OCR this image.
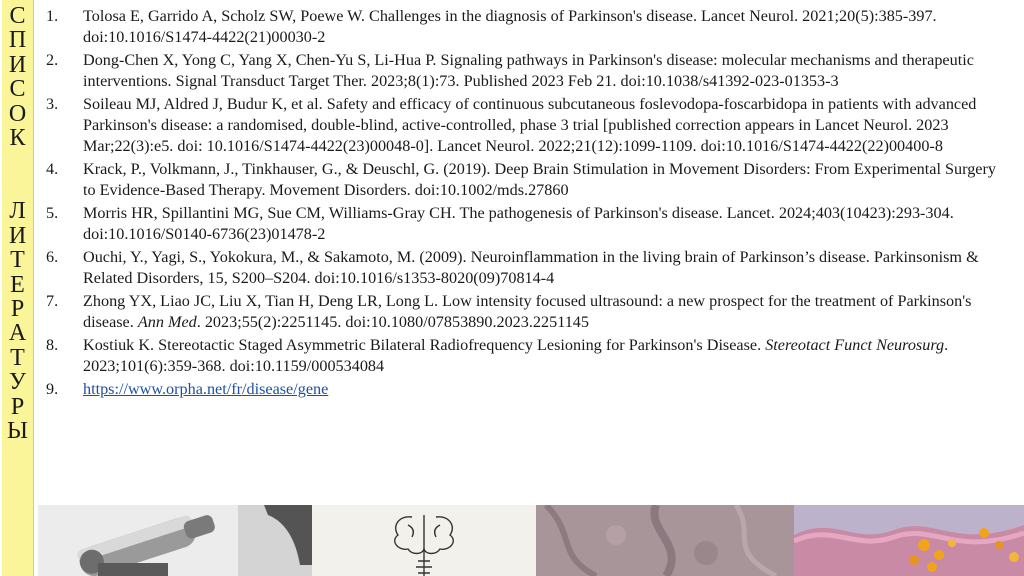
С
П
И
С
О
К
Л
И
Т
Е
Р
А
Т
У
Р
Ы
1.	Tolosa E, Garrido A, Scholz SW, Poewe W. Challenges in the diagnosis of Parkinson's disease. Lancet Neurol. 2021;20(5):385-397. doi:10.1016/S1474-4422(21)00030-2
2.	Dong-Chen X, Yong C, Yang X, Chen-Yu S, Li-Hua P. Signaling pathways in Parkinson's disease: molecular mechanisms and therapeutic interventions. Signal Transduct Target Ther. 2023;8(1):73. Published 2023 Feb 21. doi:10.1038/s41392-023-01353-3
3.	Soileau MJ, Aldred J, Budur K, et al. Safety and efficacy of continuous subcutaneous foslevodopa-foscarbidopa in patients with advanced Parkinson's disease: a randomised, double-blind, active-controlled, phase 3 trial [published correction appears in Lancet Neurol. 2023 Mar;22(3):e5. doi: 10.1016/S1474-4422(23)00048-0]. Lancet Neurol. 2022;21(12):1099-1109. doi:10.1016/S1474-4422(22)00400-8
4.	Krack, P., Volkmann, J., Tinkhauser, G., & Deuschl, G. (2019). Deep Brain Stimulation in Movement Disorders: From Experimental Surgery to Evidence-Based Therapy. Movement Disorders. doi:10.1002/mds.27860
5.	Morris HR, Spillantini MG, Sue CM, Williams-Gray CH. The pathogenesis of Parkinson's disease. Lancet. 2024;403(10423):293-304. doi:10.1016/S0140-6736(23)01478-2
6.	Ouchi, Y., Yagi, S., Yokokura, M., & Sakamoto, M. (2009). Neuroinflammation in the living brain of Parkinson’s disease. Parkinsonism & Related Disorders, 15, S200–S204. doi:10.1016/s1353-8020(09)70814-4
7.	Zhong YX, Liao JC, Liu X, Tian H, Deng LR, Long L. Low intensity focused ultrasound: a new prospect for the treatment of Parkinson's disease. Ann Med. 2023;55(2):2251145. doi:10.1080/07853890.2023.2251145
8.	Kostiuk K. Stereotactic Staged Asymmetric Bilateral Radiofrequency Lesioning for Parkinson's Disease. Stereotact Funct Neurosurg. 2023;101(6):359-368. doi:10.1159/000534084
9.	https://www.orpha.net/fr/disease/gene
